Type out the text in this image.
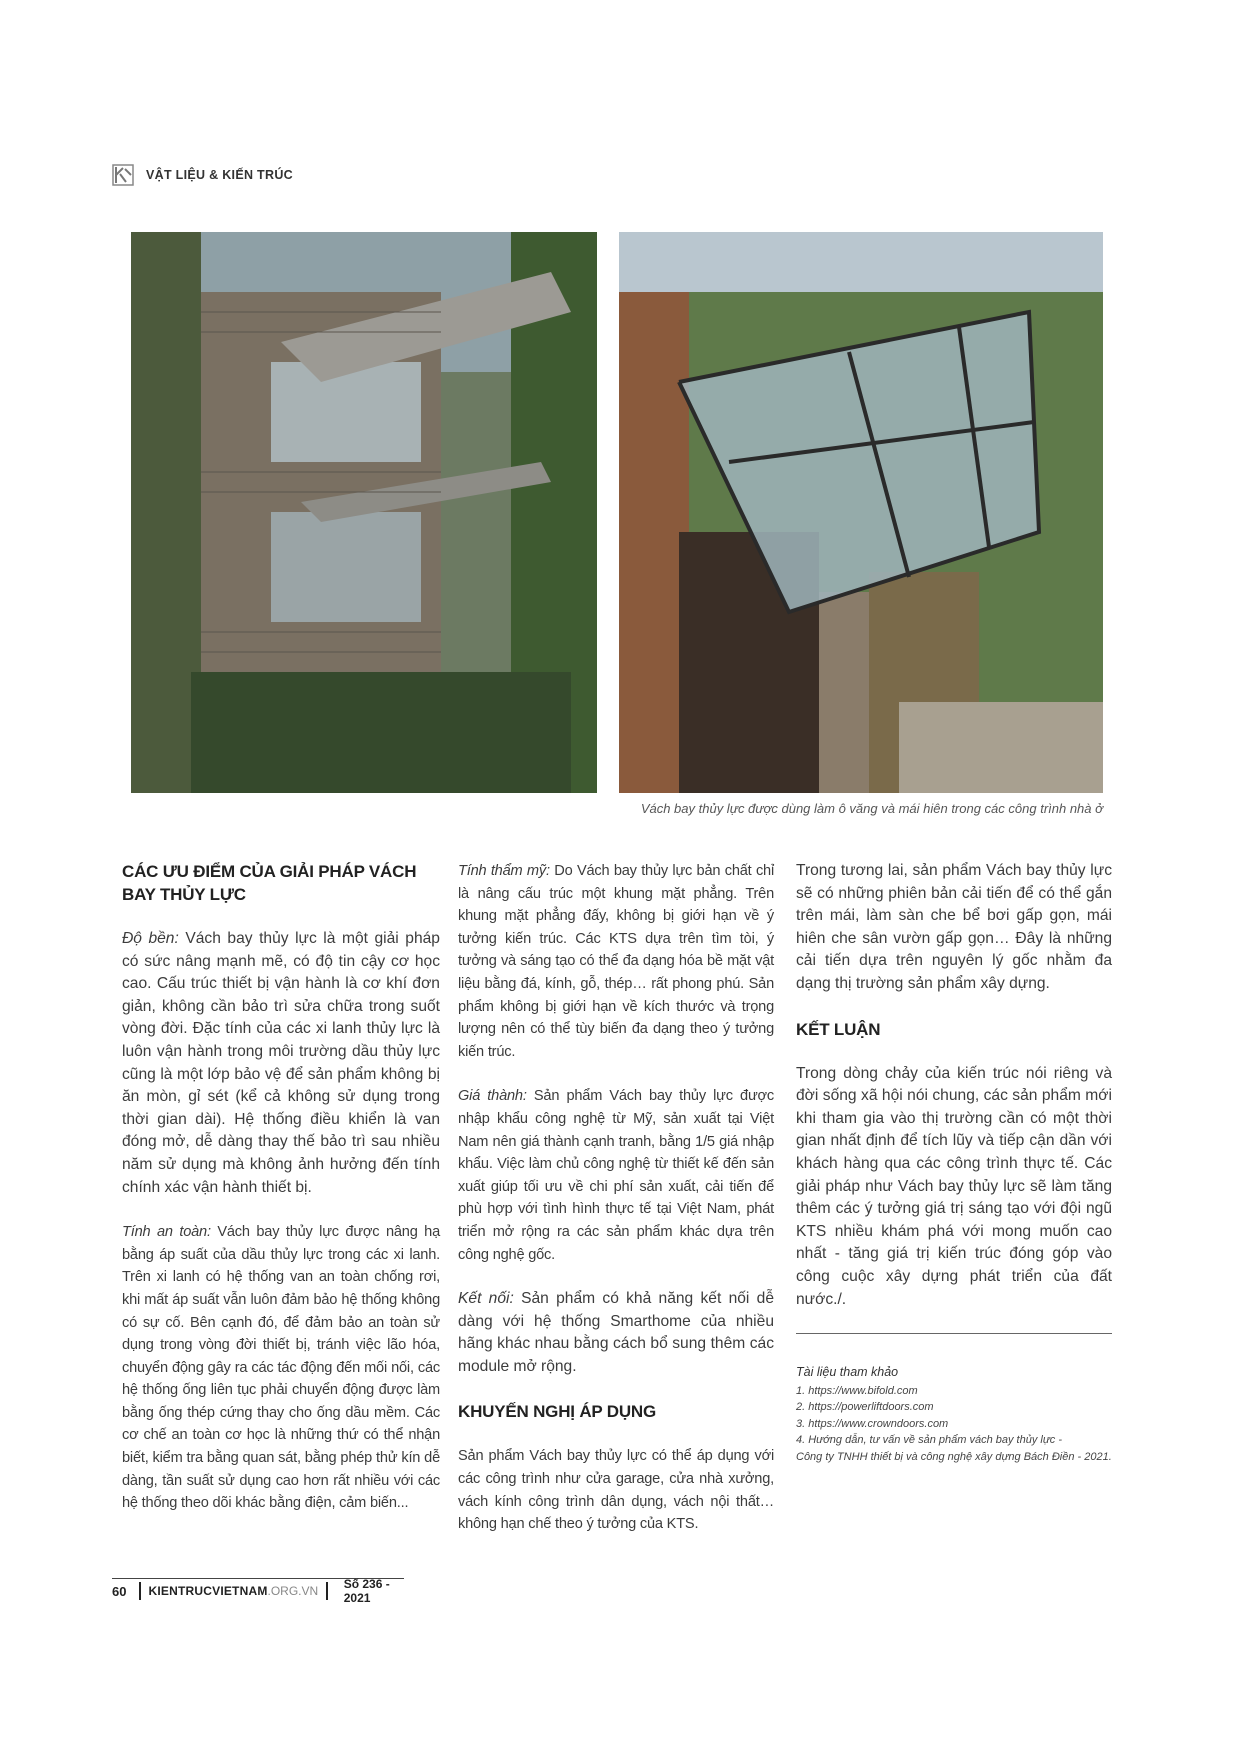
VẬT LIỆU & KIẾN TRÚC
Vách bay thủy lực được dùng làm ô văng và mái hiên trong các công trình nhà ở
CÁC ƯU ĐIỂM CỦA GIẢI PHÁP VÁCH BAY THỦY LỰC

Độ bền: Vách bay thủy lực là một giải pháp có sức nâng mạnh mẽ, có độ tin cậy cơ học cao. Cấu trúc thiết bị vận hành là cơ khí đơn giản, không cần bảo trì sửa chữa trong suốt vòng đời. Đặc tính của các xi lanh thủy lực là luôn vận hành trong môi trường dầu thủy lực cũng là một lớp bảo vệ để sản phẩm không bị ăn mòn, gỉ sét (kể cả không sử dụng trong thời gian dài). Hệ thống điều khiển là van đóng mở, dễ dàng thay thế bảo trì sau nhiều năm sử dụng mà không ảnh hưởng đến tính chính xác vận hành thiết bị.

Tính an toàn: Vách bay thủy lực được nâng hạ bằng áp suất của dầu thủy lực trong các xi lanh. Trên xi lanh có hệ thống van an toàn chống rơi, khi mất áp suất vẫn luôn đảm bảo hệ thống không có sự cố. Bên cạnh đó, để đảm bảo an toàn sử dụng trong vòng đời thiết bị, tránh việc lão hóa, chuyển động gây ra các tác động đến mối nối, các hệ thống ống liên tục phải chuyển động được làm bằng ống thép cứng thay cho ống dầu mềm. Các cơ chế an toàn cơ học là những thứ có thể nhận biết, kiểm tra bằng quan sát, bằng phép thử kín dễ dàng, tần suất sử dụng cao hơn rất nhiều với các hệ thống theo dõi khác bằng điện, cảm biến...

Tính thẩm mỹ: Do Vách bay thủy lực bản chất chỉ là nâng cấu trúc một khung mặt phẳng. Trên khung mặt phẳng đấy, không bị giới hạn về ý tưởng kiến trúc. Các KTS dựa trên tìm tòi, ý tưởng và sáng tạo có thể đa dạng hóa bề mặt vật liệu bằng đá, kính, gỗ, thép… rất phong phú. Sản phẩm không bị giới hạn về kích thước và trọng lượng nên có thể tùy biến đa dạng theo ý tưởng kiến trúc.

Giá thành: Sản phẩm Vách bay thủy lực được nhập khẩu công nghệ từ Mỹ, sản xuất tại Việt Nam nên giá thành cạnh tranh, bằng 1/5 giá nhập khẩu. Việc làm chủ công nghệ từ thiết kế đến sản xuất giúp tối ưu về chi phí sản xuất, cải tiến để phù hợp với tình hình thực tế tại Việt Nam, phát triển mở rộng ra các sản phẩm khác dựa trên công nghệ gốc.

Kết nối: Sản phẩm có khả năng kết nối dễ dàng với hệ thống Smarthome của nhiều hãng khác nhau bằng cách bổ sung thêm các module mở rộng.

KHUYẾN NGHỊ ÁP DỤNG

Sản phẩm Vách bay thủy lực có thể áp dụng với các công trình như cửa garage, cửa nhà xưởng, vách kính công trình dân dụng, vách nội thất… không hạn chế theo ý tưởng của KTS.

Trong tương lai, sản phẩm Vách bay thủy lực sẽ có những phiên bản cải tiến để có thể gắn trên mái, làm sàn che bể bơi gấp gọn, mái hiên che sân vườn gấp gọn… Đây là những cải tiến dựa trên nguyên lý gốc nhằm đa dạng thị trường sản phẩm xây dựng.

KẾT LUẬN

Trong dòng chảy của kiến trúc nói riêng và đời sống xã hội nói chung, các sản phẩm mới khi tham gia vào thị trường cần có một thời gian nhất định để tích lũy và tiếp cận dần với khách hàng qua các công trình thực tế. Các giải pháp như Vách bay thủy lực sẽ làm tăng thêm các ý tưởng giá trị sáng tạo với đội ngũ KTS nhiều khám phá với mong muốn cao nhất - tăng giá trị kiến trúc đóng góp vào công cuộc xây dựng phát triển của đất nước./.

Tài liệu tham khảo
1. https://www.bifold.com
2. https://powerliftdoors.com
3. https://www.crowndoors.com
4. Hướng dẫn, tư vấn về sản phẩm vách bay thủy lực -
Công ty TNHH thiết bị và công nghệ xây dựng Bách Điền - 2021.
60	KIENTRUCVIETNAM .ORG.VN Số 236 - 2021
